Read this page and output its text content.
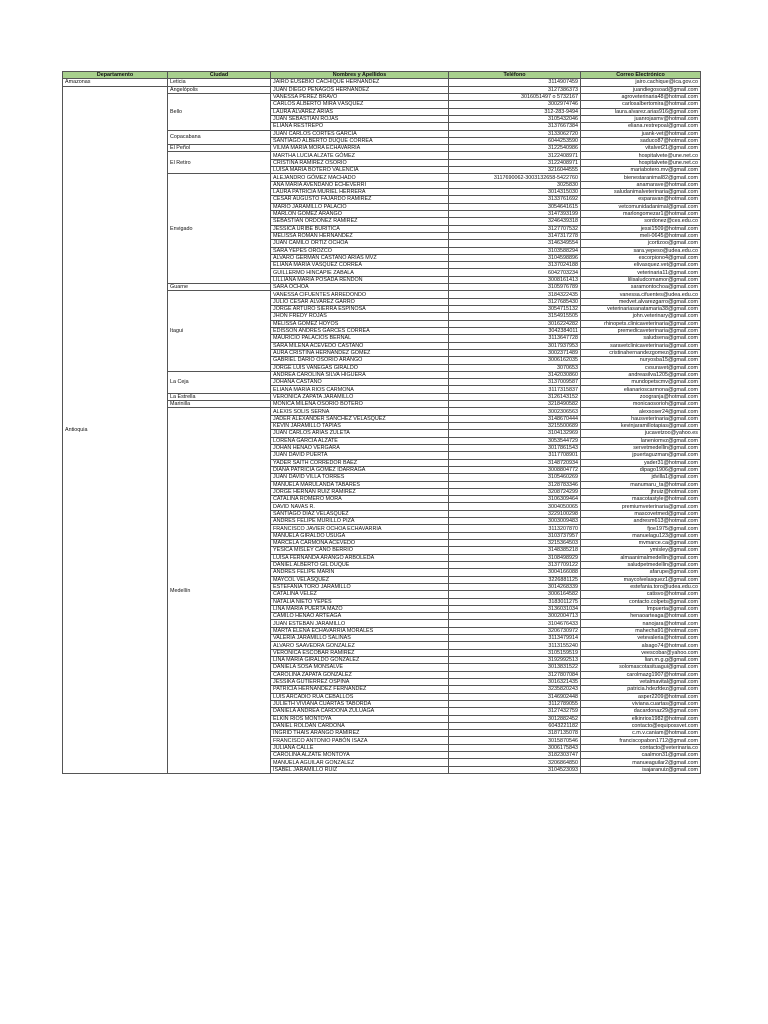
Departamento	Ciudad	Nombres y Apellidos	Teléfono	Correo Electrónico
Amazonas	Leticia	JAIRO EUSEBIO CACHIQUE HERNANDEZ	3114907459	jairo.cachique@ica.gov.co
Antioquia	Angelópolis	JUAN DIEGO PENAGOS HERNANDEZ	3127386373	juandiegosoad@gmail.com
	Bello	VANESSA PÉREZ BRAVO	3016051497 o 5732167	agroveterinaria48@hotmail.com
		CARLOS ALBERTO MIRA VÁSQUEZ	3002974746	carlosalbertomira@hotmail.com
		LAURA ALVAREZ ARIAS	312-283-9494	laura.alvarez.arias916@gmail.com
		JUAN SEBASTIÁN ROJAS	3105432046	juanrojasmv@hotmail.com
		ELIANA RESTREPO	3137667384	eliana.restrepoal@gmail.com
	Copacabana	JUAN CARLOS CORTES GARCIA	3133062720	juank-vet@hotmail.com
		SANTIAGO ALBERTO DUQUE CORREA	6044253590	saduco87@hotmail.com
	El Peñol	VILMA MARIA MORA ECHAVARRIA	3122540986	vitalvet21@gmail.com
	El Retiro	MARTHA LUCIA ALZATE GÓMEZ	3122408971	hospitalvete@une.net.co
		CRISTINA RAMÍREZ OSORIO	3122408971	hospitalvete@une.net.co
		LUISA MARIA BOTERO VALENCIA	3216044555	mariabotero.mv@gmail.com
	Envigado	ALEJANDRO GÓMEZ MACHADO	3117690062-3003132658-5422760	bienestaranimal82@gmail.com
		ANA MARIA AVENDAÑO ECHEVERRI	3025830	anamarave@hotmail.com
		LAURA PATRICIA MURIEL HERRERA	3014315030	saludanimalveterinaria@gmail.com
		CESAR AUGUSTO FAJARDO RAMIREZ	3133761692	esparavan@hotmail.com
		MARIO JARAMILLO PALACIO	3054641615	vetcomunidadanimal@gmail.com
		MARLON GOMEZ ARANGO	3147393199	marlongomezar1@hotmail.com
		SEBASTIÁN ORDÓÑEZ RAMÍREZ	3246439318	sordonez@ces.edu.co
		JESSICA URIBE BURITICÁ	3127707532	jessi1509@hotmail.com
		MELISSA ROMÁN HERNANDEZ	3147317278	meli-0645@hotmail.com
		JUAN CAMILO ORTIZ OCHOA	3146349554	jcortizoo@gmail.com
		SARA YEPES OROZCO	3103588294	sara.yepeso@udea.edu.co
		ÁLVARO GERMÁN CASTAÑO ARIAS MVZ	3104598896	escorpiono4@gmail.com
		ELIANA MARIA VÁSQUEZ CORREA	3137024188	elivasquez.vet@gmail.com
		GUILLERMO HINCAPIE ZABALA	6042703234	veterinaria11@gmail.com
		LILLIANA MARIA POSADA RENDON	3008161413	lilisaludcomamor@gmail.com
	Guarne	SARA OCHOA	3105976789	saramontochoa@gmail.com
	Itagui	VANESSA CIFUENTES ARREDONDO	3184322435	vanessa.cifuentes@udea.edu.co
		JULIO CÉSAR ÁLVAREZ GARRO	3127685430	medvet.alvarezgarro@gmail.com
		JORGE ARTURO SIERRA ESPINOSA	3054715132	veterinariasanatamaria38@gmail.com
		JHON FREDY ROJAS	3154915505	john.veterinary@gmail.com
		MELISSA GOMEZ HOYOS	3016224282	rhinopets.clinicaveterinaria@gmail.com
		EDISSON ANDRES GARCES CORREA	3042384011	premedicaveterinaria@gmail.com
		MAURICIO PALACIOS BERNAL	3113647728	saludsena@gmail.com
		SARA MILENA ACEVEDO CASTAÑO	3017937953	saravetclinicaveterinaria@gmail.com
		AURA CRISTINA HERNANDEZ GOMEZ	3002371489	cristinahernandezgomez@gmail.com
		GABRIEL DARIO OSORIO ARANGO	3006162035	nuryosba15@gmail.com
		JORGE LUIS VANEGAS GIRALDO	3070653	cvsuravet@gmail.com
	La Ceja	ANDREA CAROLINA SILVA HIGUERA	3142030860	andreasilva1205@gmail.com
		JOHANA CASTAÑO	3137009587	mundopetscmv@gmail.com
		ELIANA MARIA RIOS CARMONA	3117315837	elianarioscarmona@gmail.com
	La Estrella	VERÓNICA ZAPATA JARAMILLO	3126143152	zoogranja@hotmail.com
	Marinilla	MÓNICA MILENA OSORIO BOTERO	3218490582	monicaosorioh@gmail.com
	Medellín	ALEXIS SOLIS SERNA	3002306563	alexsoser24@gmail.com
		JADER ALEXANDER SANCHEZ VELASQUEZ	3148670444	hausveterinaria@gmail.com
		KEVIN JARAMILLO TAPIAS	3215500689	kevinjaramillotapias@gmail.com
		JUAN CARLOS ARIAS ZULETA	3104132969	jucavetzoo@yahoo.es
		LORENA GARCIA ALZATE	3053544729	laneniomvz@gmail.com
		JOHAN HENAO VERGARA	3017861543	servetmedellin@gmail.com
		JUAN DAVID PUERTA	3117708901	jpuertaguzman@gmail.com
		YADER SAITH CORREDOR BAEZ	3148720934	yader31@hotmail.com
		DIANA PATRICIA GOMEZ IDARRAGA	3008804772	dipago1906@gmail.com
		JUAN DAVID VILLA TORRES	3105460269	jdvilla1@gmail.com
		MANUELA MARULANDA TABARES	3128783346	manumaru_ta@hotmail.com
		JORGE HERNAN RUIZ RAMIREZ	3208724299	jhruiz@hotmail.com
		CATALINA ROMERO MORA	3106309464	mascotastyle@hotmail.com
		DAVID NAVAS R.	3004050065	premiumveterinaria@gmail.com
		SANTIAGO DÍAZ VELÁSQUEZ	3229100298	mascovetmed@gmail.com
		ANDRES FELIPE MURILLO PIZA	3003009483	andresm613@hotmail.com
		FRANCISCO JAVIER OCHOA ECHAVARRIA	3113207870	fjoe1975@gmail.com
		MANUELA GIRALDO USUGA	3103737957	manuelagu123@gmail.com
		MARCELA CARMONA ACEVEDO	3215364503	mvmarce.ca@gmail.com
		YÉSICA MISLEY CANO BERRIO	3148385218	ymisley@gmail.com
		LUISA FERNANDA ARANGO ARBOLEDA	3108498929	almaanimalmedellin@gmail.com
		DANIEL ALBERTO GIL DUQUE	3137709122	saludpetmedellin@gmail.com
		ANDRES FELIPE MARIN	3004166088	afarupe@gmail.com
		MAYCOL VELÁSQUEZ	3226881125	maycolvelasquez1@gmail.com
		ESTEFANÍA TORO JARAMILLO	3014268339	estefania.toro@udea.edu.co
		CATALINA VELEZ	3006164582	catisvo@hotmail.com
		NATALIA NIETO YEPES	3183011275	contacto.colpets@gmail.com
		LINA MARIA PUERTA MAZO	3136031034	lmpuerta@gmail.com
		CAMILO HENAO ARTEAGA	3002004713	henaoarteaga@hotmail.com
		JUAN ESTEBAN JARAMILLO	3104676433	nanojara@hotmail.com
		MARTA ELENA ECHAVARRIA MORALES	3206730972	mahecha91@hotmail.com
		VALERIA JARAMILLO SALINAS	3113479914	vetevaleria@hotmail.com
		ALVARO SAAVEDRA GONZALEZ	3113155240	alsago74@hotmail.com
		VERONICA ESCOBAR RAMIREZ	3105159519	veescobar@yahoo.com
		LINA MARIA GIRALDO GONZALEZ	3192992513	lian.m.g.g@gmail.com
		DANIELA SOSA MONSALVE	3013831522	solomascotasituagui@gmail.com
		CAROLINA ZAPATA GONZALEZ	3127807084	carolmazg1907@hotmail.com
		JESSIKA GUTIERREZ OSPINA	3016321435	vetalmavital@gmail.com
		PATRICIA HERNANDEZ FERNANDEZ	3235820243	patricia.hdezfdez@gmail.com
		LUIS ARCADIO RUA CEBALLOS	3146902448	asper2209@hotmail.com
		JULIETH VIVIANA CUARTAS TABORDA	3112789055	viviana.cuartas@gmail.com
		DANIELA ANDREA CARDONA ZULUAGA	3127432759	dacardonaz29@gmail.com
		ELKIN RIOS MONTOYA	3012882452	elkinrios1982@hotmail.com
		DANIEL ROLDAN CARDONA	6043221182	contacto@equipossvet.com
		INGRID THAIS ARANGO RAMÍREZ	3187135078	c.m.v.caniam@hotmail.com
		FRANCISCO ANTONIO PABÓN ISAZA	3015870546	franciscopabon1712@gmail.com
		JULIANA CALLE	3006175843	contacto@veterinaria.co
		CAROLINA ALZATE MONTOYA	3182303747	caalmon31@gmail.com
		MANUELA AGUILAR GONZALEZ	3206864850	manueaguilar2@gmail.com
		ISABEL JARAMILLO RUIZ	3104523093	isajaranuiz@gmail.com
